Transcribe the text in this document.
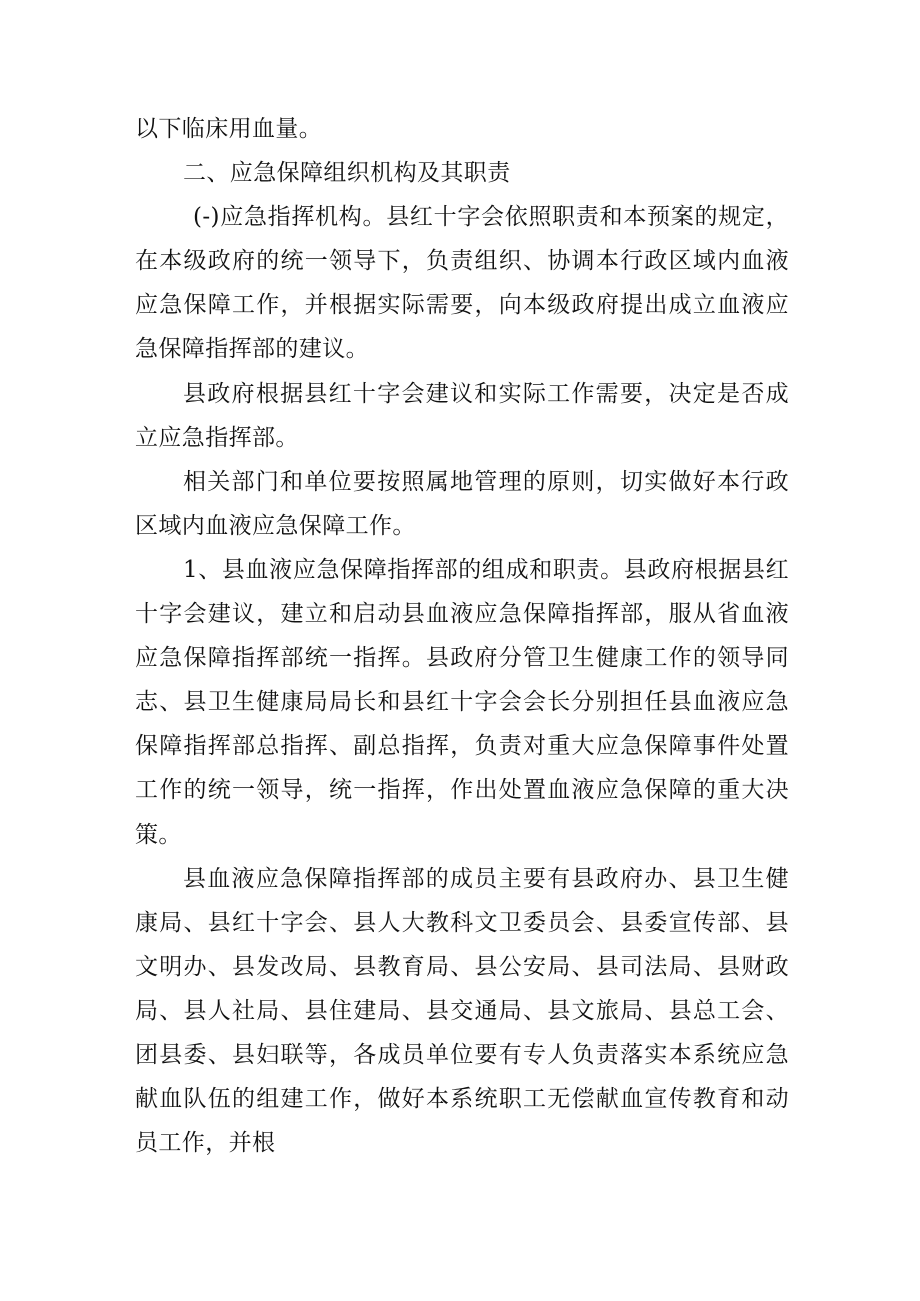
以下临床用血量。

二、应急保障组织机构及其职责

(-)应急指挥机构。县红十字会依照职责和本预案的规定，在本级政府的统一领导下，负责组织、协调本行政区域内血液应急保障工作，并根据实际需要，向本级政府提出成立血液应急保障指挥部的建议。

县政府根据县红十字会建议和实际工作需要，决定是否成立应急指挥部。

相关部门和单位要按照属地管理的原则，切实做好本行政区域内血液应急保障工作。

1、县血液应急保障指挥部的组成和职责。县政府根据县红十字会建议，建立和启动县血液应急保障指挥部，服从省血液应急保障指挥部统一指挥。县政府分管卫生健康工作的领导同志、县卫生健康局局长和县红十字会会长分别担任县血液应急保障指挥部总指挥、副总指挥，负责对重大应急保障事件处置工作的统一领导，统一指挥，作出处置血液应急保障的重大决策。

县血液应急保障指挥部的成员主要有县政府办、县卫生健康局、县红十字会、县人大教科文卫委员会、县委宣传部、县文明办、县发改局、县教育局、县公安局、县司法局、县财政局、县人社局、县住建局、县交通局、县文旅局、县总工会、团县委、县妇联等，各成员单位要有专人负责落实本系统应急献血队伍的组建工作，做好本系统职工无偿献血宣传教育和动员工作，并根
